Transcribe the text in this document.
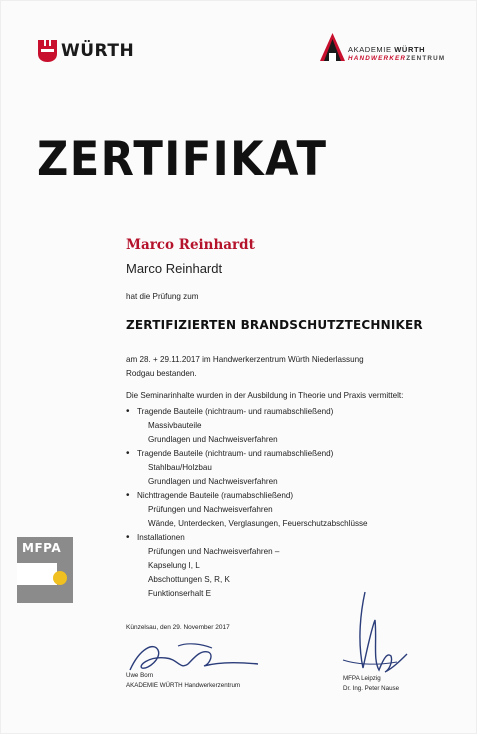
WÜRTH	AKADEMIE WÜRTH
HANDWERKERZENTRUM
ZERTIFIKAT
Marco Reinhardt
Marco Reinhardt
hat die Prüfung zum
ZERTIFIZIERTEN BRANDSCHUTZTECHNIKER
am 28. + 29.11.2017 im Handwerkerzentrum Würth Niederlassung
Rodgau bestanden.
Die Seminarinhalte wurden in der Ausbildung in Theorie und Praxis vermittelt:
• Tragende Bauteile (nichtraum- und raumabschließend)
Massivbauteile
Grundlagen und Nachweisverfahren
• Tragende Bauteile (nichtraum- und raumabschließend)
Stahlbau/Holzbau
Grundlagen und Nachweisverfahren
• Nichttragende Bauteile (raumabschließend)
Prüfungen und Nachweisverfahren
Wände, Unterdecken, Verglasungen, Feuerschutzabschlüsse
• Installationen
Prüfungen und Nachweisverfahren –
Kapselung I, L
Abschottungen S, R, K
Funktionserhalt E
MFPA
Künzelsau, den 29. November 2017
Uwe Born
AKADEMIE WÜRTH Handwerkerzentrum
MFPA Leipzig
Dr. Ing. Peter Nause
